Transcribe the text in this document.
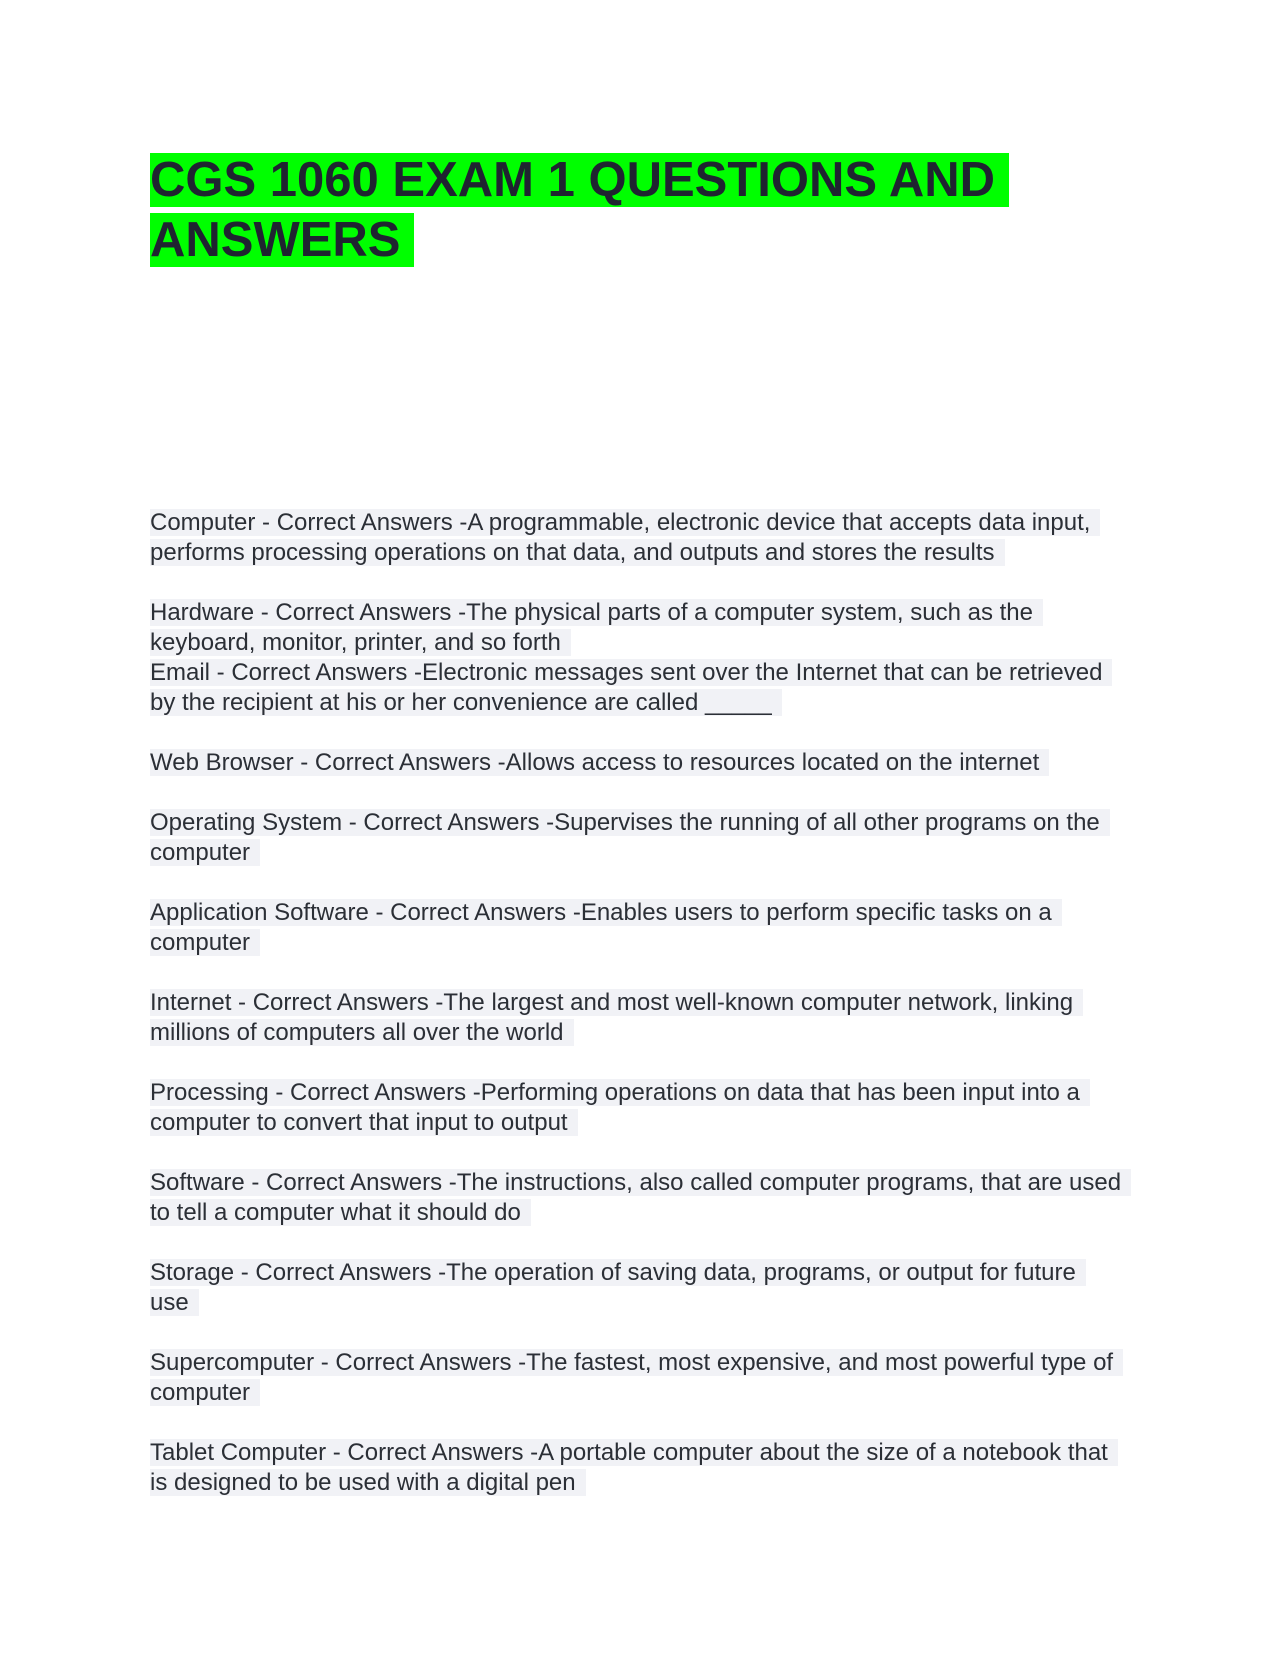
CGS 1060 EXAM 1 QUESTIONS AND ANSWERS

Computer - Correct Answers -A programmable, electronic device that accepts data input, performs processing operations on that data, and outputs and stores the results

Hardware - Correct Answers -The physical parts of a computer system, such as the keyboard, monitor, printer, and so forth

Email - Correct Answers -Electronic messages sent over the Internet that can be retrieved by the recipient at his or her convenience are called _____

Web Browser - Correct Answers -Allows access to resources located on the internet

Operating System - Correct Answers -Supervises the running of all other programs on the computer

Application Software - Correct Answers -Enables users to perform specific tasks on a computer

Internet - Correct Answers -The largest and most well-known computer network, linking millions of computers all over the world

Processing - Correct Answers -Performing operations on data that has been input into a computer to convert that input to output

Software - Correct Answers -The instructions, also called computer programs, that are used to tell a computer what it should do

Storage - Correct Answers -The operation of saving data, programs, or output for future use

Supercomputer - Correct Answers -The fastest, most expensive, and most powerful type of computer

Tablet Computer - Correct Answers -A portable computer about the size of a notebook that is designed to be used with a digital pen
